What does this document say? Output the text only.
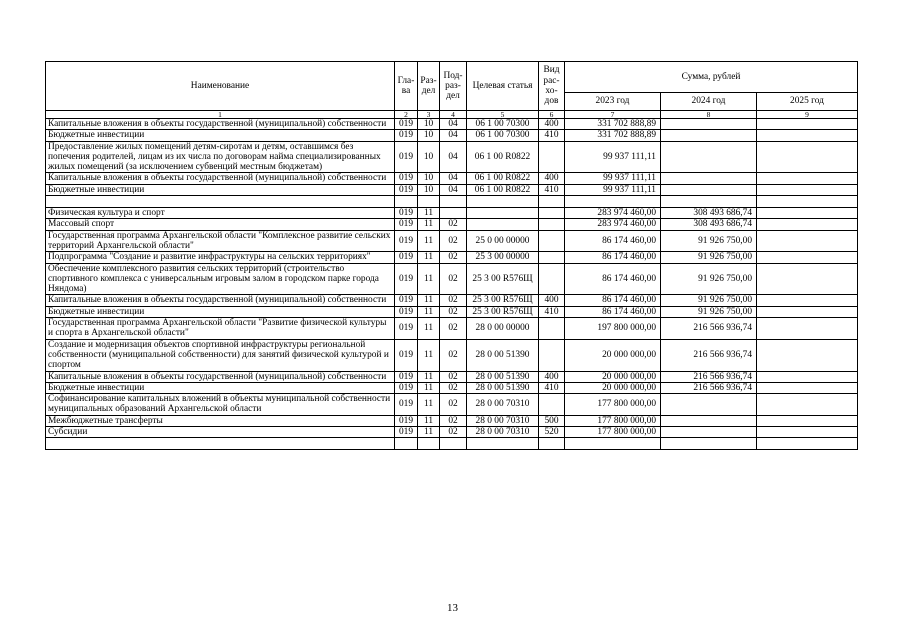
Наименование	Гла-ва	Раз-дел	Под-раз-дел	Целевая статья	Вид рас-хо-дов	Сумма, рублей		
						2023 год	2024 год	2025 год
1	2	3	4	5	6	7	8	9
Капитальные вложения в объекты государственной (муниципальной) собственности	019	10	04	06 1 00 70300	400	331 702 888,89		
Бюджетные инвестиции	019	10	04	06 1 00 70300	410	331 702 888,89		
Предоставление жилых помещений детям-сиротам и детям, оставшимся без попечения родителей, лицам из их числа по договорам найма специализированных жилых помещений (за исключением субвенций местным бюджетам)	019	10	04	06 1 00 R0822		99 937 111,11		
Капитальные вложения в объекты государственной (муниципальной) собственности	019	10	04	06 1 00 R0822	400	99 937 111,11		
Бюджетные инвестиции	019	10	04	06 1 00 R0822	410	99 937 111,11		

Физическая культура и спорт	019	11				283 974 460,00	308 493 686,74	
Массовый спорт	019	11	02			283 974 460,00	308 493 686,74	
Государственная программа Архангельской области "Комплексное развитие сельских территорий Архангельской области"	019	11	02	25 0 00 00000		86 174 460,00	91 926 750,00	
Подпрограмма "Создание и развитие инфраструктуры на сельских территориях"	019	11	02	25 3 00 00000		86 174 460,00	91 926 750,00	
Обеспечение комплексного развития сельских территорий (строительство спортивного комплекса с универсальным игровым залом в городском парке города Няндома)	019	11	02	25 3 00 R576Щ		86 174 460,00	91 926 750,00	
Капитальные вложения в объекты государственной (муниципальной) собственности	019	11	02	25 3 00 R576Щ	400	86 174 460,00	91 926 750,00	
Бюджетные инвестиции	019	11	02	25 3 00 R576Щ	410	86 174 460,00	91 926 750,00	
Государственная программа Архангельской области "Развитие физической культуры и спорта в Архангельской области"	019	11	02	28 0 00 00000		197 800 000,00	216 566 936,74	
Создание и модернизация объектов спортивной инфраструктуры региональной собственности (муниципальной собственности) для занятий физической культурой и спортом	019	11	02	28 0 00 51390		20 000 000,00	216 566 936,74	
Капитальные вложения в объекты государственной (муниципальной) собственности	019	11	02	28 0 00 51390	400	20 000 000,00	216 566 936,74	
Бюджетные инвестиции	019	11	02	28 0 00 51390	410	20 000 000,00	216 566 936,74	
Софинансирование капитальных вложений в объекты муниципальной собственности муниципальных образований Архангельской области	019	11	02	28 0 00 70310		177 800 000,00		
Межбюджетные трансферты	019	11	02	28 0 00 70310	500	177 800 000,00		
Субсидии	019	11	02	28 0 00 70310	520	177 800 000,00		

13
